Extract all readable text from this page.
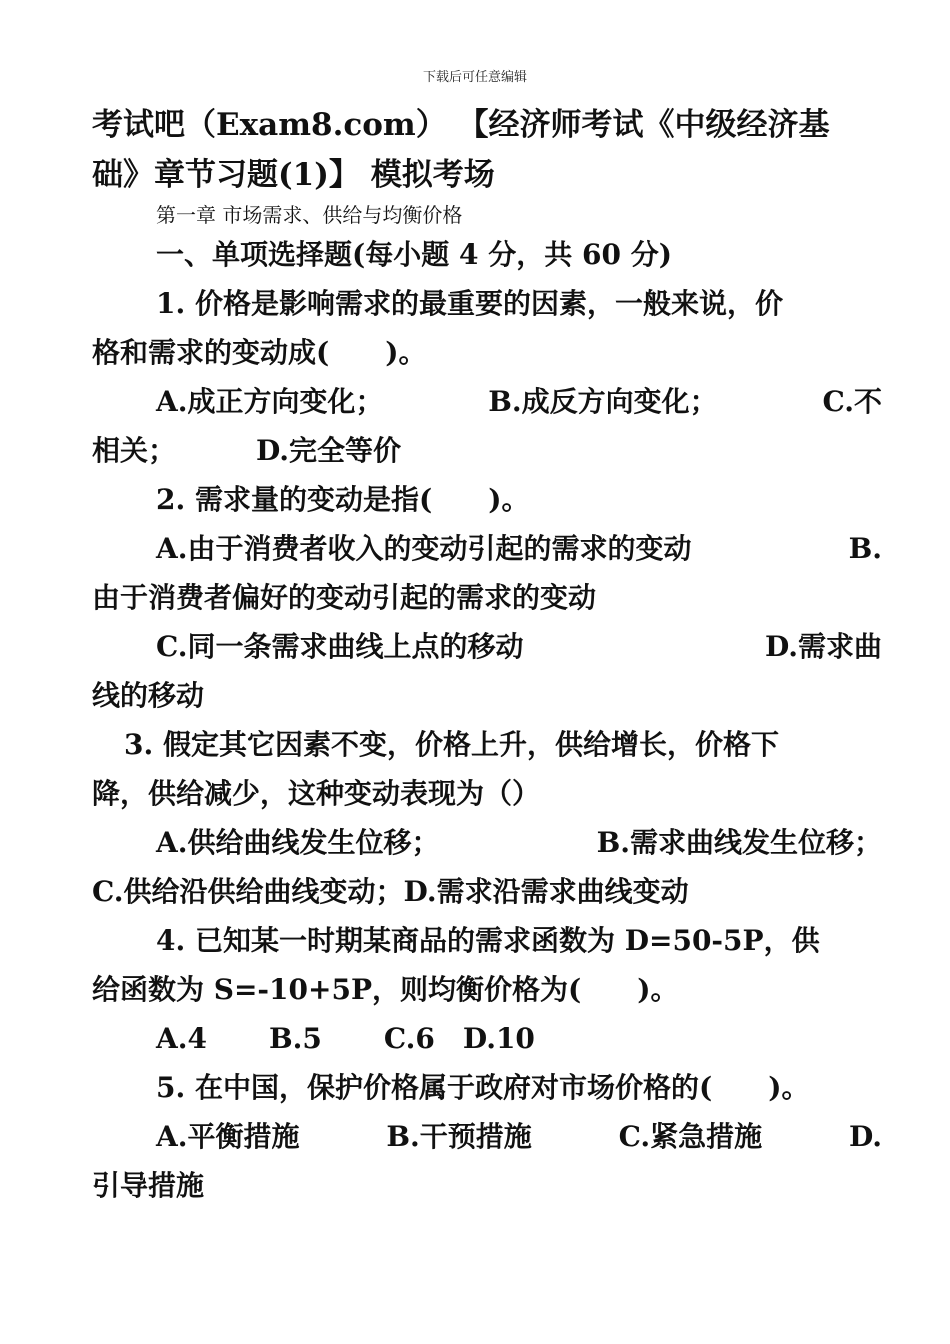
下载后可任意编辑

考试吧（Exam8.com） 【经济师考试《中级经济基

础》章节习题(1)】 模拟考场

第一章 市场需求、供给与均衡价格

一、单项选择题(每小题 4 分，共 60 分)

1. 价格是影响需求的最重要的因素，一般来说，价

格和需求的变动成(　　)。

A.成正方向变化；	B.成反方向变化；	C.不

相关；	D.完全等价

2. 需求量的变动是指(　　)。

A.由于消费者收入的变动引起的需求的变动	B.

由于消费者偏好的变动引起的需求的变动

C.同一条需求曲线上点的移动	D.需求曲

线的移动

3. 假定其它因素不变，价格上升，供给增长，价格下

降，供给减少，这种变动表现为（）

A.供给曲线发生位移；	B.需求曲线发生位移；

C.供给沿供给曲线变动；D.需求沿需求曲线变动

4. 已知某一时期某商品的需求函数为 D=50-5P，供

给函数为 S=-10+5P，则均衡价格为(　　)。

A.4 B.5 C.6 D.10

5. 在中国，保护价格属于政府对市场价格的(　　)。

A.平衡措施	B.干预措施	C.紧急措施	D.

引导措施
